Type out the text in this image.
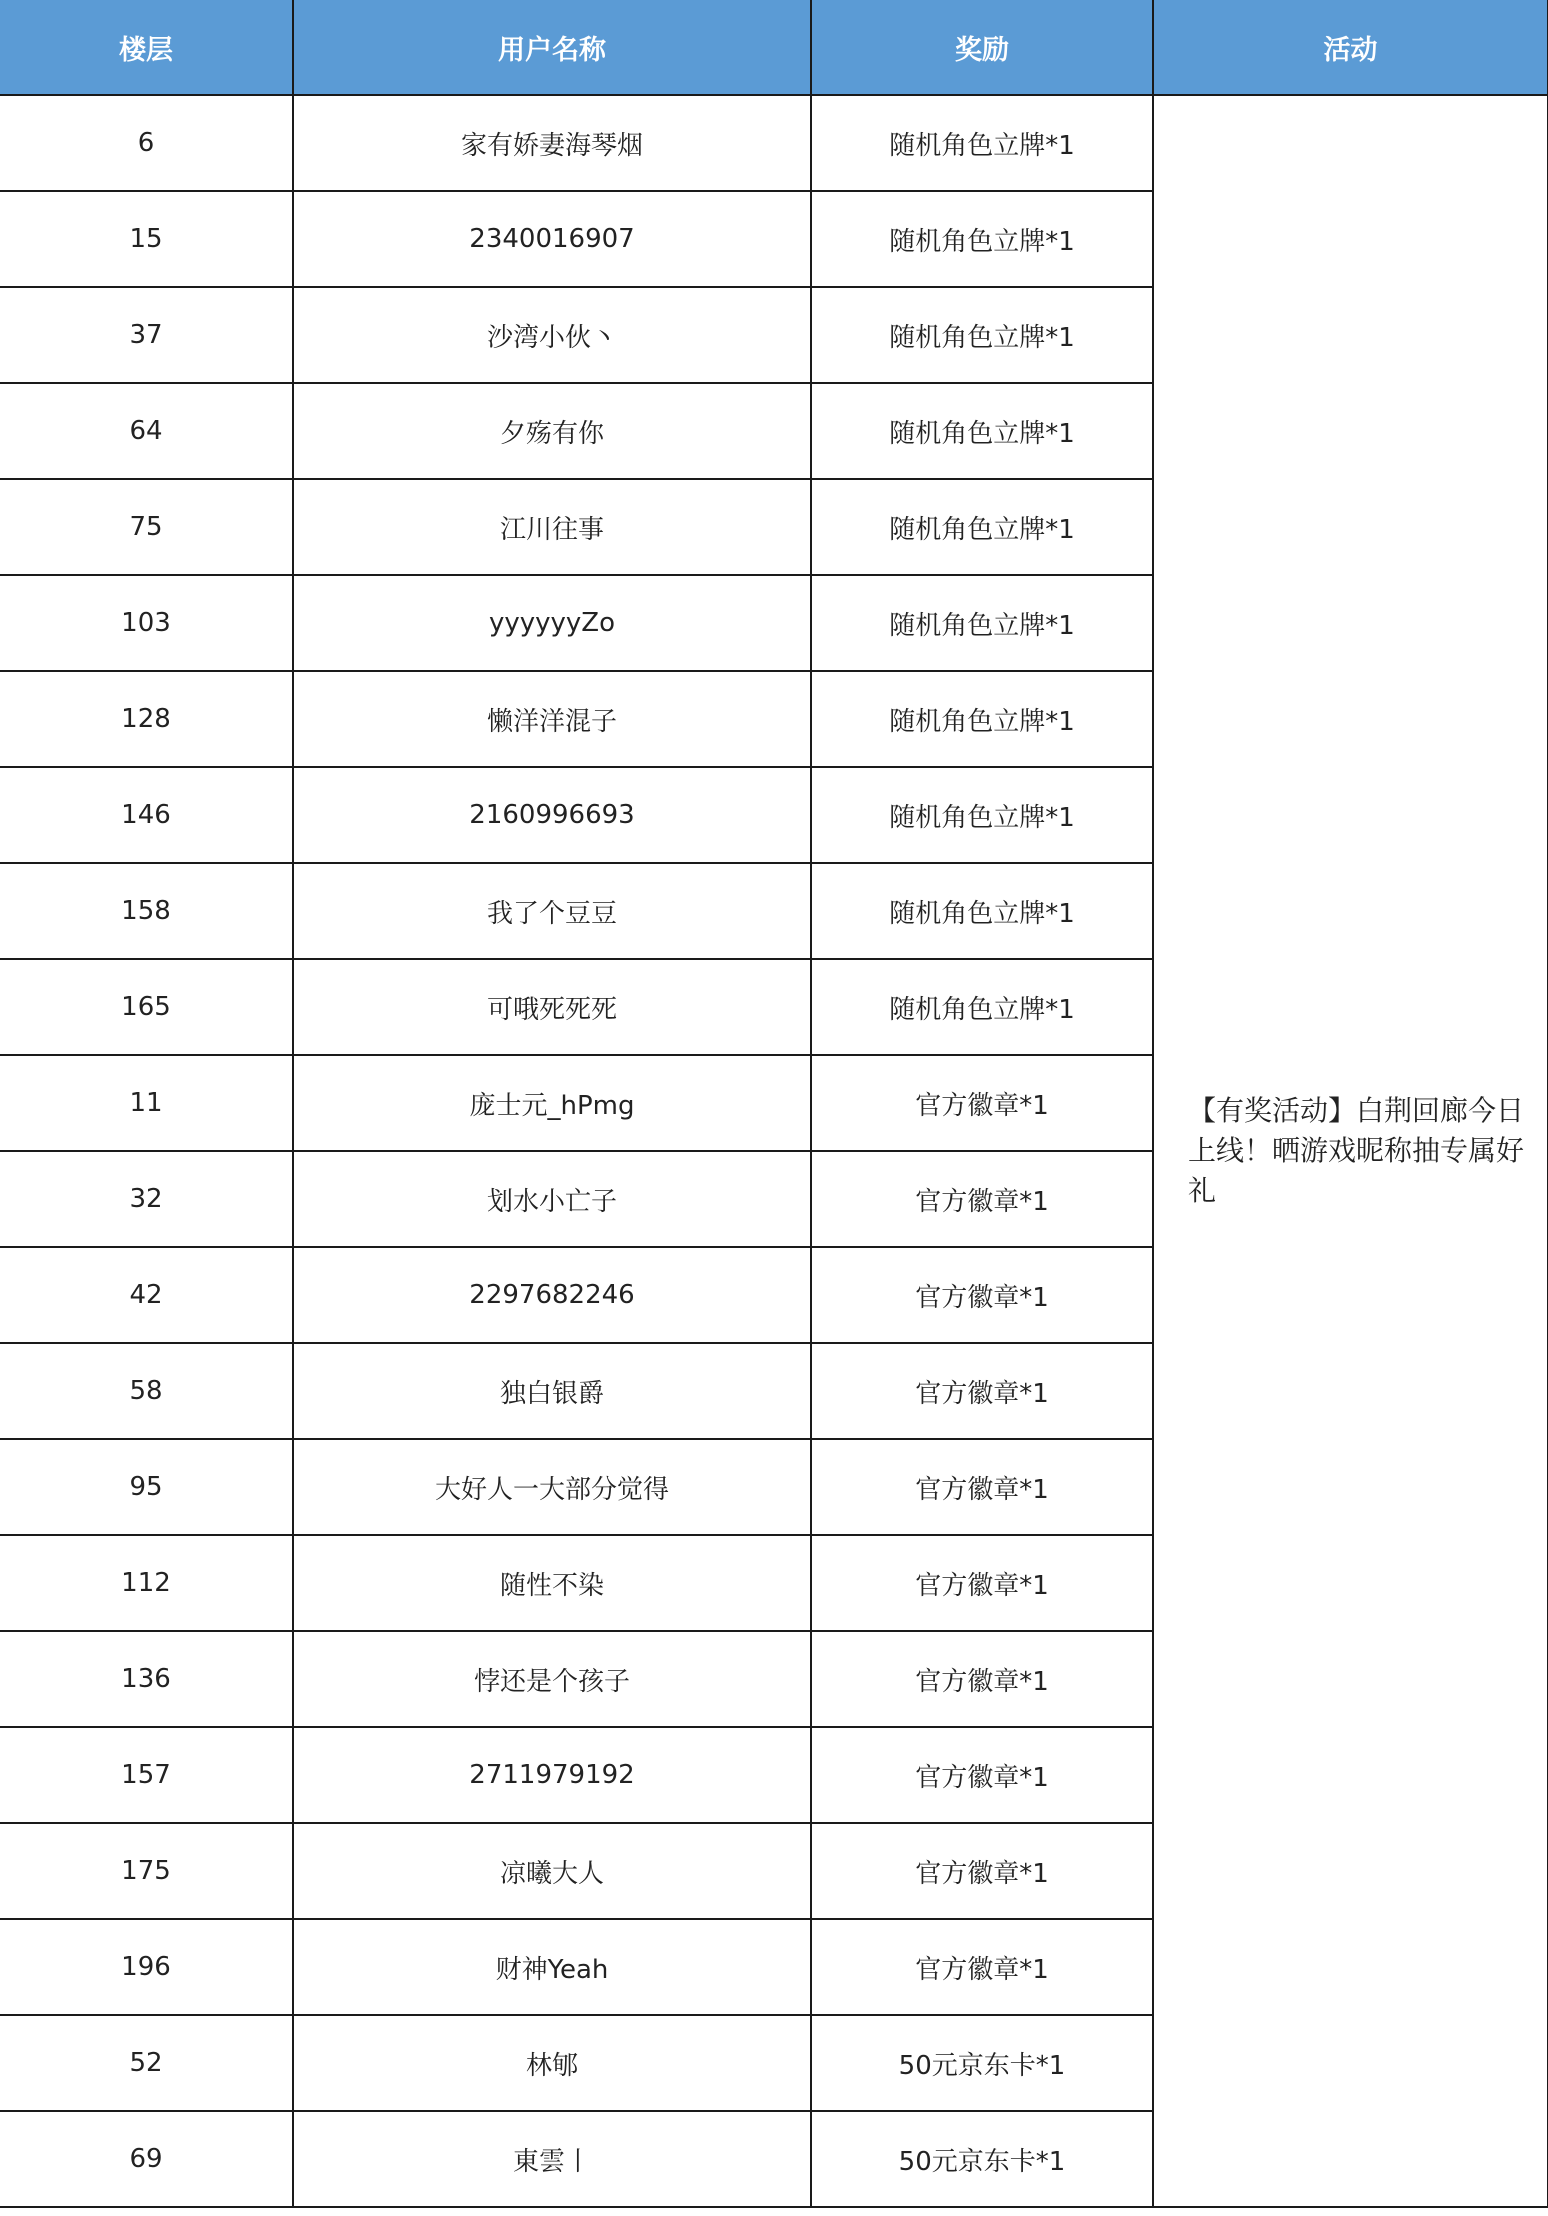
楼层	用户名称	奖励	活动
6	家有娇妻海琴烟	随机角色立牌*1	【有奖活动】白荆回廊今日上线！晒游戏昵称抽专属好礼
15	2340016907	随机角色立牌*1	
37	沙湾小伙丶	随机角色立牌*1	
64	夕殇有你	随机角色立牌*1	
75	江川往事	随机角色立牌*1	
103	yyyyyyZo	随机角色立牌*1	
128	懒洋洋混子	随机角色立牌*1	
146	2160996693	随机角色立牌*1	
158	我了个豆豆	随机角色立牌*1	
165	可哦死死死	随机角色立牌*1	
11	庞士元_hPmg	官方徽章*1	
32	划水小亡子	官方徽章*1	
42	2297682246	官方徽章*1	
58	独白银爵	官方徽章*1	
95	大好人一大部分觉得	官方徽章*1	
112	随性不染	官方徽章*1	
136	悖还是个孩子	官方徽章*1	
157	2711979192	官方徽章*1	
175	凉曦大人	官方徽章*1	
196	财神Yeah	官方徽章*1	
52	林郇	50元京东卡*1	
69	東雲丨	50元京东卡*1	
